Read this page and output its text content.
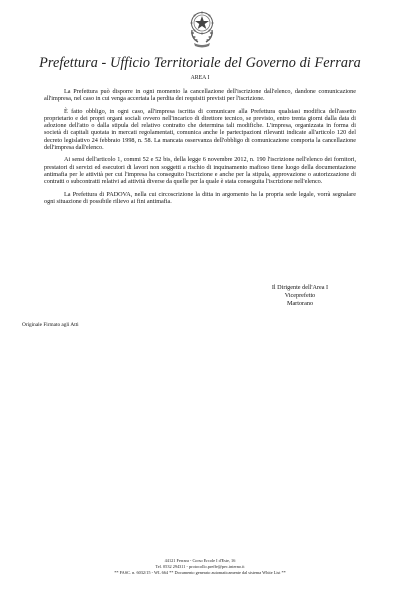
Prefettura - Ufficio Territoriale del Governo di Ferrara
AREA I

La Prefettura può disporre in ogni momento la cancellazione dell'iscrizione dall'elenco, dandone comunicazione all'impresa, nel caso in cui venga accertata la perdita dei requisiti previsti per l'iscrizione.

È fatto obbligo, in ogni caso, all'impresa iscritta di comunicare alla Prefettura qualsiasi modifica dell'assetto proprietario e dei propri organi sociali ovvero nell'incarico di direttore tecnico, se previsto, entro trenta giorni dalla data di adozione dell'atto o dalla stipula del relativo contratto che determina tali modifiche. L'impresa, organizzata in forma di società di capitali quotata in mercati regolamentati, comunica anche le partecipazioni rilevanti indicate all'articolo 120 del decreto legislativo 24 febbraio 1998, n. 58. La mancata osservanza dell'obbligo di comunicazione comporta la cancellazione dell'impresa dall'elenco.

Ai sensi dell'articolo 1, commi 52 e 52 bis, della legge 6 novembre 2012, n. 190 l'iscrizione nell'elenco dei fornitori, prestatori di servizi ed esecutori di lavori non soggetti a rischio di inquinamento mafioso tiene luogo della documentazione antimafia per le attività per cui l'impresa ha conseguito l'iscrizione e anche per la stipula, approvazione o autorizzazione di contratti o subcontratti relativi ad attività diverse da quelle per la quale è stata conseguita l'iscrizione nell'elenco.

La Prefettura di PADOVA, nella cui circoscrizione la ditta in argomento ha la propria sede legale, vorrà segnalare ogni situazione di possibile rilievo ai fini antimafia.

Il Dirigente dell'Area I
Viceprefetto
Martorano
Originale Firmato agli Atti
44121 Ferrara - Corso Ercole I d'Este, 16
Tel. 0532 294311 - protocollo.preffe@pec.interno.it
** FASC. n. 6032/15 - WL 664 ** Documento generato automaticamente dal sistema White List **
